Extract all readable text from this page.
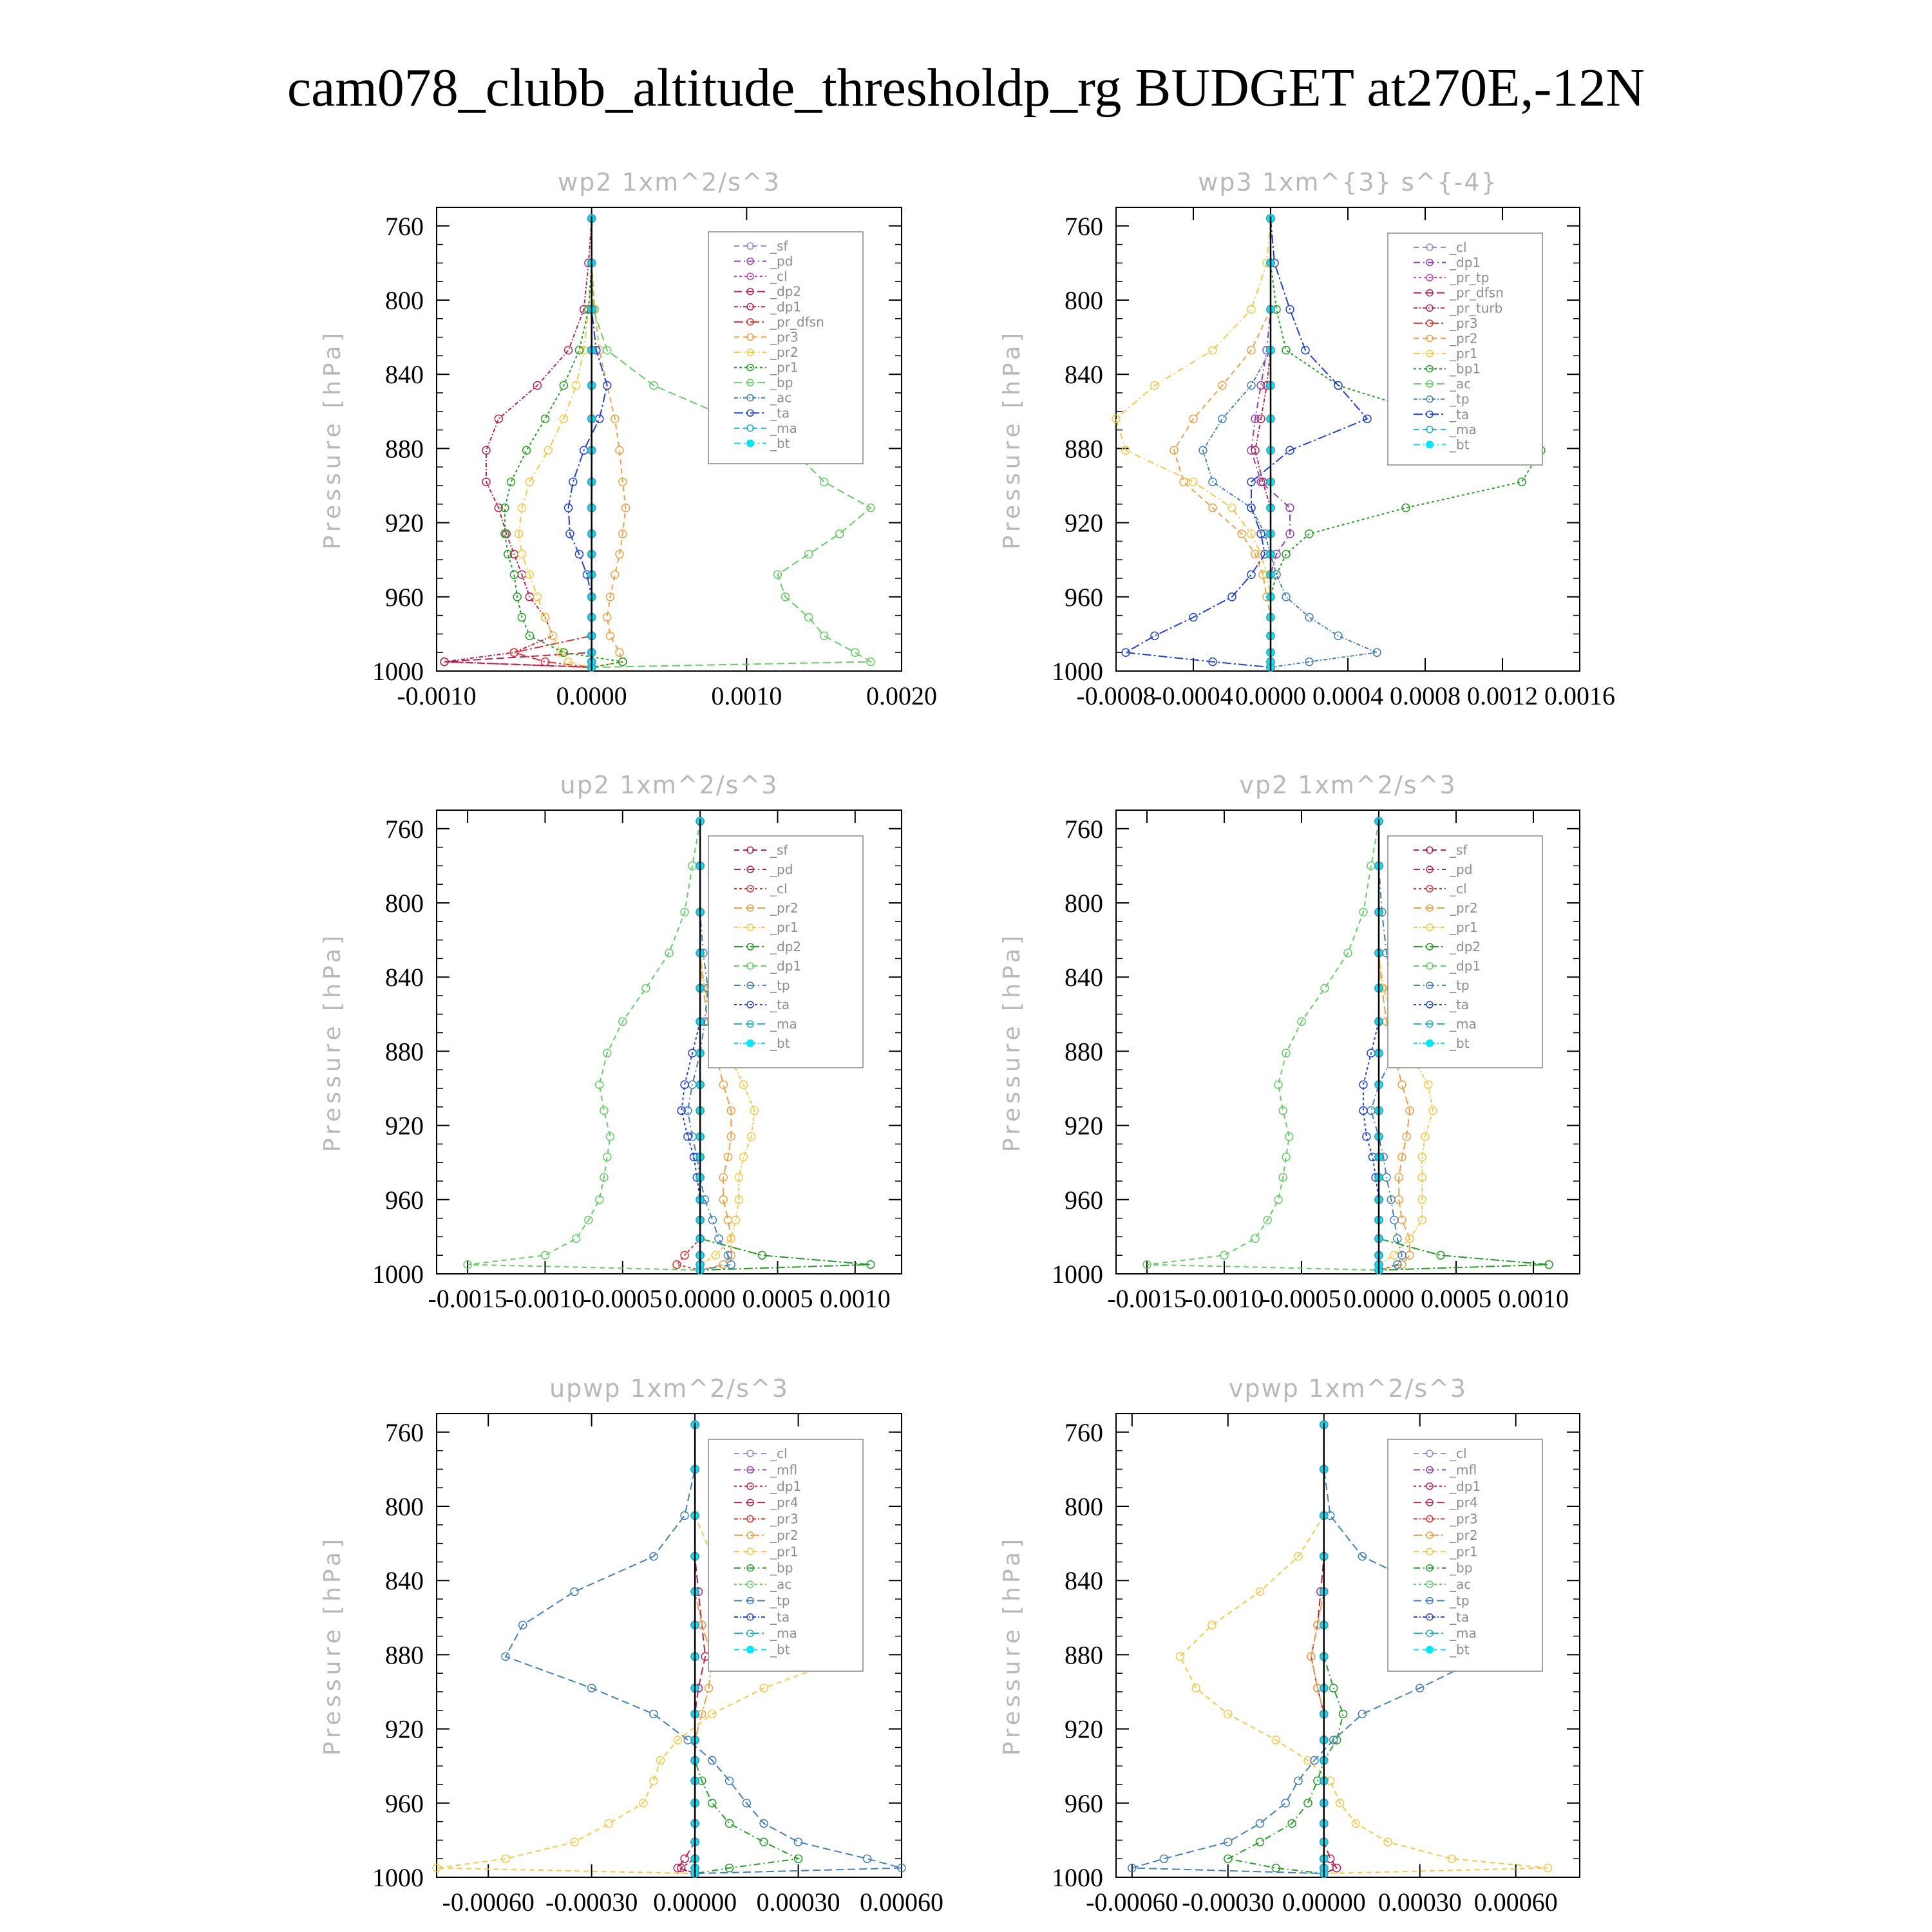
cam078_clubb_altitude_thresholdp_rg BUDGET at270E,-12N
wp2 1xm^2/s^3
Pressure [hPa]
760
800
840
880
920
960
1000
-0.0010	0.0000	0.0010	0.0020
_sf
_pd
_cl
_dp2
_dp1
_pr_dfsn
_pr3
_pr2
_pr1
_bp
_ac
_ta
_ma
_bt
wp3 1xm^{3} s^{-4}
Pressure [hPa]
760
800
840
880
920
960
1000
-0.0008
-0.0004 0.0000 0.0004 0.0008 0.0012 0.0016
_cl
_dp1
_pr_tp
_pr_dfsn
_pr_turb
_pr3
_pr2
_pr1
_bp1
_ac
_tp
_ta
_ma
_bt
up2 1xm^2/s^3
Pressure [hPa]
760
800
840
880
920
960
1000
-0.0015
-0.0010
-0.0005 0.0000 0.0005 0.0010
_sf
_pd
_cl
_pr2
_pr1
_dp2
_dp1
_tp
_ta
_ma
_bt
vp2 1xm^2/s^3
Pressure [hPa]
760
800
840
880
920
960
1000
-0.0015
-0.0010
-0.0005 0.0000 0.0005 0.0010
_sf
_pd
_cl
_pr2
_pr1
_dp2
_dp1
_tp
_ta
_ma
_bt
upwp 1xm^2/s^3
Pressure [hPa]
760
800
840
880
920
960
1000
-0.00060 -0.00030 0.00000 0.00030 0.00060
_cl
_mfl
_dp1
_pr4
_pr3
_pr2
_pr1
_bp
_ac
_tp
_ta
_ma
_bt
vpwp 1xm^2/s^3
Pressure [hPa]
760
800
840
880
920
960
1000
-0.00060 -0.00030 0.00000 0.00030 0.00060
_cl
_mfl
_dp1
_pr4
_pr3
_pr2
_pr1
_bp
_ac
_tp
_ta
_ma
_bt
